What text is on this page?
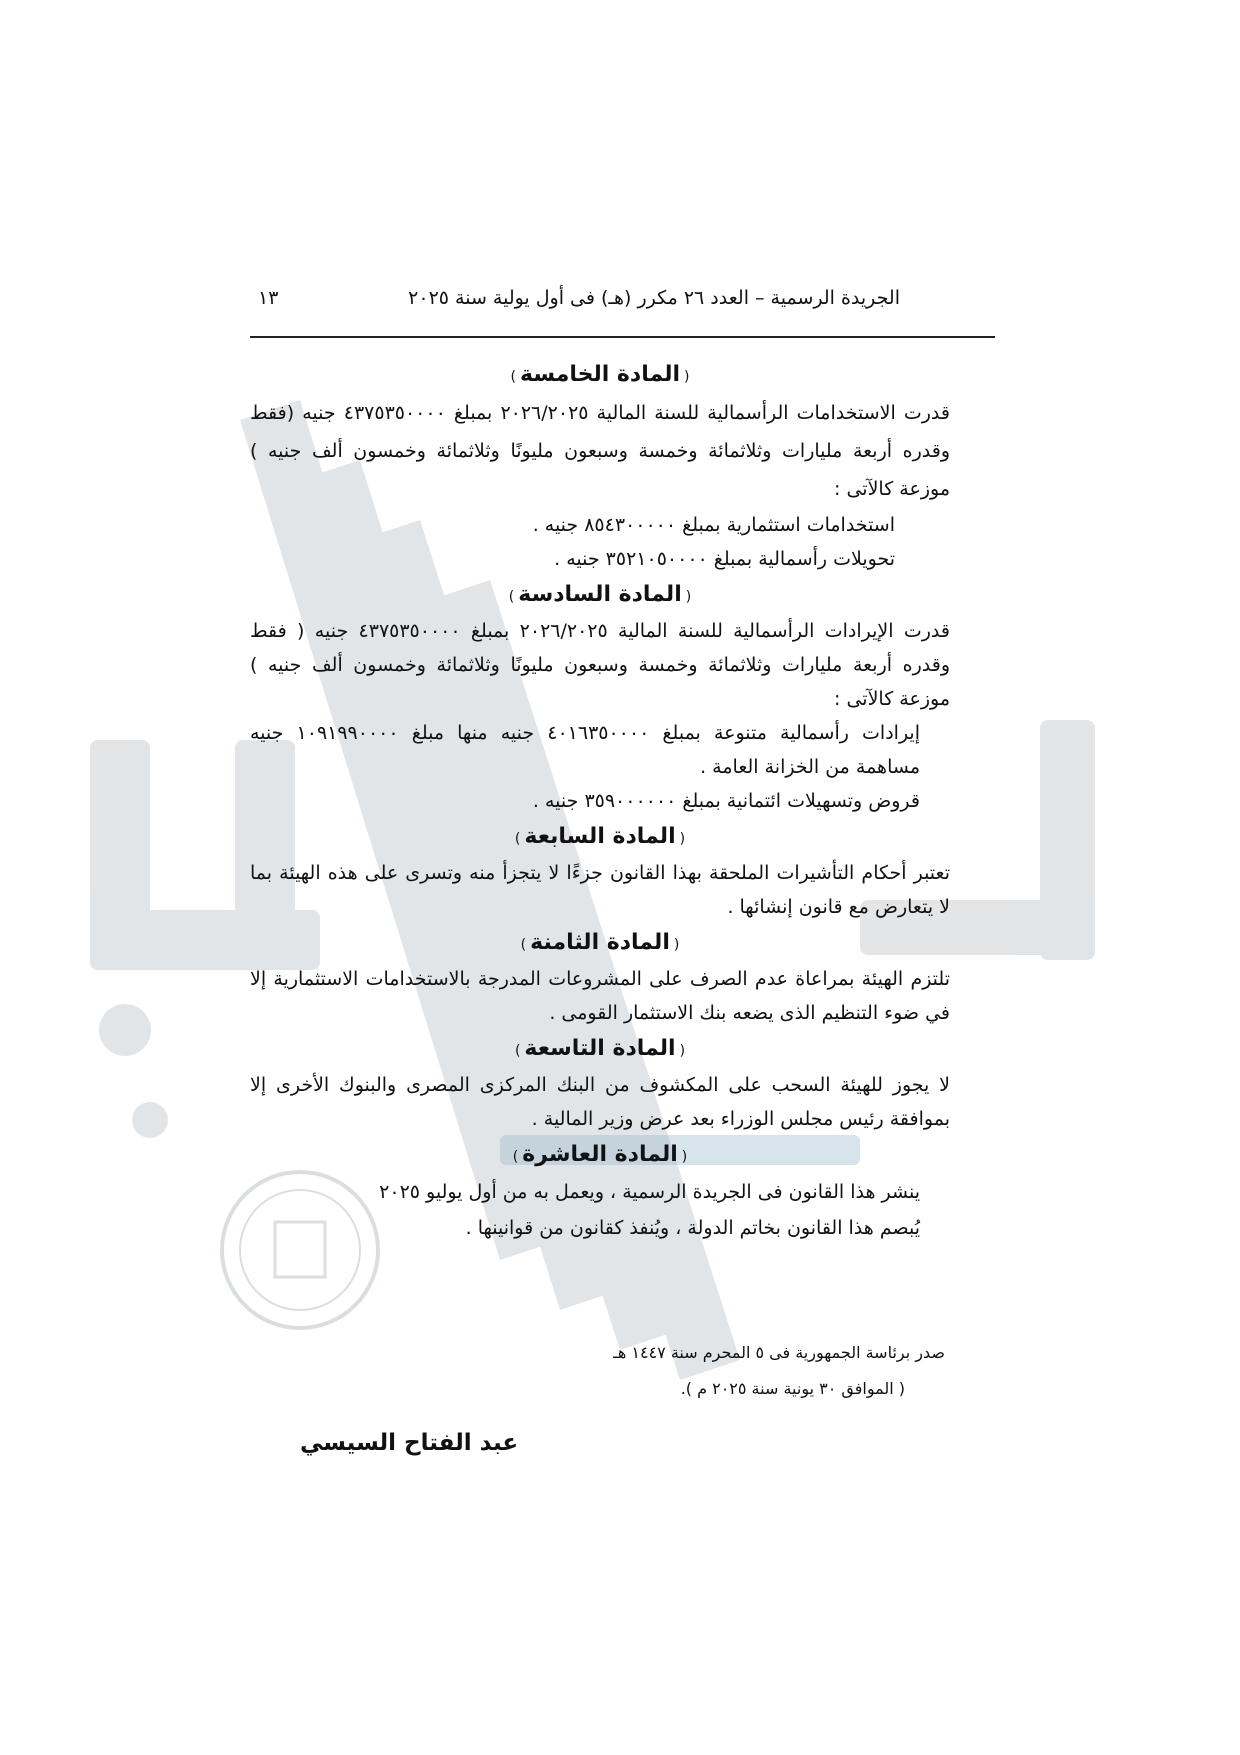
الجريدة الرسمية – العدد ٢٦ مكرر (هـ) فى أول يولية سنة ٢٠٢٥
١٣
(المادة الخامسة)

قدرت الاستخدامات الرأسمالية للسنة المالية ٢٠٢٦/٢٠٢٥ بمبلغ ٤٣٧٥٣٥٠٠٠٠ جنيه (فقط وقدره أربعة مليارات وثلاثمائة وخمسة وسبعون مليونًا وثلاثمائة وخمسون ألف جنيه ) موزعة كالآتى :

استخدامات استثمارية بمبلغ ٨٥٤٣٠٠٠٠٠ جنيه .
تحويلات رأسمالية بمبلغ ٣٥٢١٠٥٠٠٠٠ جنيه .
(المادة السادسة)

قدرت الإيرادات الرأسمالية للسنة المالية ٢٠٢٦/٢٠٢٥ بمبلغ ٤٣٧٥٣٥٠٠٠٠ جنيه ( فقط وقدره أربعة مليارات وثلاثمائة وخمسة وسبعون مليونًا وثلاثمائة وخمسون ألف جنيه ) موزعة كالآتى :

إيرادات رأسمالية متنوعة بمبلغ ٤٠١٦٣٥٠٠٠٠ جنيه منها مبلغ ١٠٩١٩٩٠٠٠٠ جنيه مساهمة من الخزانة العامة .

قروض وتسهيلات ائتمانية بمبلغ ٣٥٩٠٠٠٠٠٠ جنيه .
(المادة السابعة)

تعتبر أحكام التأشيرات الملحقة بهذا القانون جزءًا لا يتجزأ منه وتسرى على هذه الهيئة بما لا يتعارض مع قانون إنشائها .

(المادة الثامنة)

تلتزم الهيئة بمراعاة عدم الصرف على المشروعات المدرجة بالاستخدامات الاستثمارية إلا في ضوء التنظيم الذى يضعه بنك الاستثمار القومى .

(المادة التاسعة)

لا يجوز للهيئة السحب على المكشوف من البنك المركزى المصرى والبنوك الأخرى إلا بموافقة رئيس مجلس الوزراء بعد عرض وزير المالية .

(المادة العاشرة)
ينشر هذا القانون فى الجريدة الرسمية ، ويعمل به من أول يوليو ٢٠٢٥
يُبصم هذا القانون بخاتم الدولة ، ويُنفذ كقانون من قوانينها .
صدر برئاسة الجمهورية فى ٥ المحرم سنة ١٤٤٧ هـ
( الموافق ٣٠ يونية سنة ٢٠٢٥ م ).
عبد الفتاح السيسي
